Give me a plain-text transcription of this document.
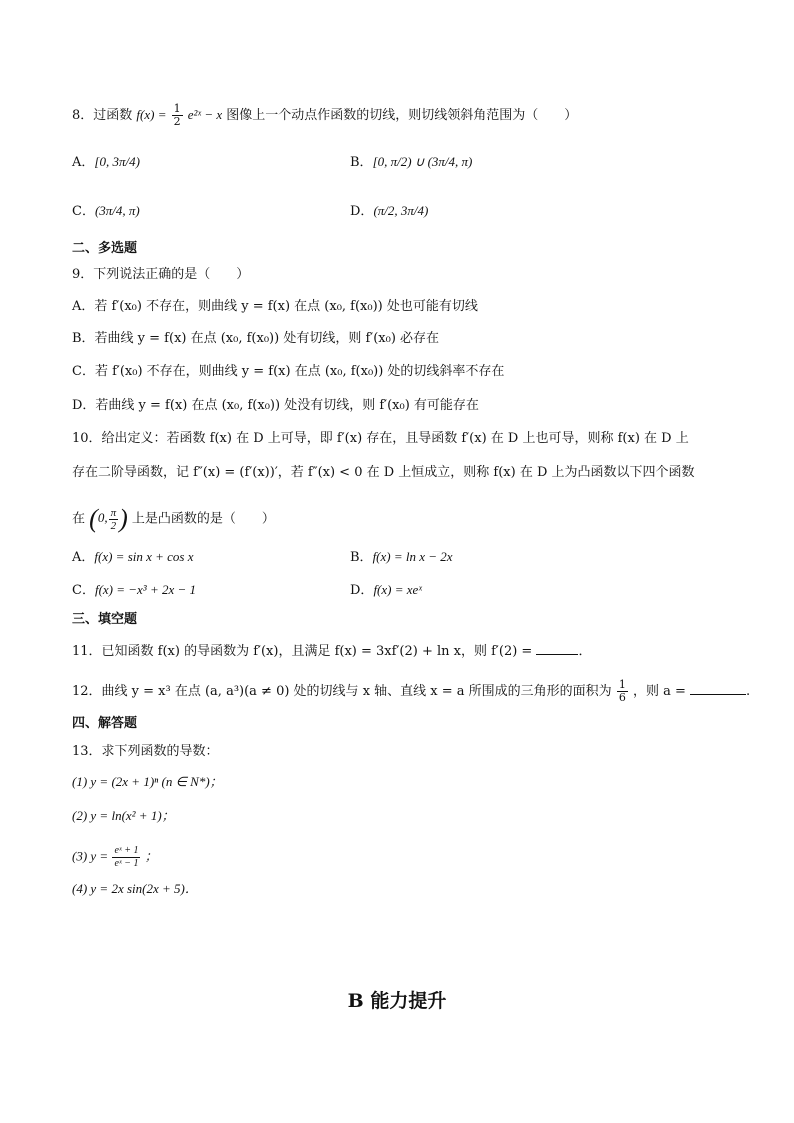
8．过函数 $f(x) = \frac{1}{2}$ e²ˣ − x 图像上一个动点作函数的切线，则切线领斜角范围为（　　）
A．[0, 3π/4)	B．[0, π/2) ∪ (3π/4, π)
C．(3π/4, π)	D．(π/2, 3π/4)
二、多选题
9．下列说法正确的是（　　）
A．若 f′(x₀) 不存在，则曲线 y = f(x) 在点 (x₀, f(x₀)) 处也可能有切线
B．若曲线 y = f(x) 在点 (x₀, f(x₀)) 处有切线，则 f′(x₀) 必存在
C．若 f′(x₀) 不存在，则曲线 y = f(x) 在点 (x₀, f(x₀)) 处的切线斜率不存在
D．若曲线 y = f(x) 在点 (x₀, f(x₀)) 处没有切线，则 f′(x₀) 有可能存在
10．给出定义：若函数 f(x) 在 D 上可导，即 f′(x) 存在，且导函数 f′(x) 在 D 上也可导，则称 f(x) 在 D 上
存在二阶导函数，记 f″(x) = (f′(x))′，若 f″(x) < 0 在 D 上恒成立，则称 f(x) 在 D 上为凸函数以下四个函数
在 (0, $\frac{\pi}{2}$ ) 上是凸函数的是（　　）
A．f(x) = sin x + cos x	B．f(x) = ln x − 2x
C．f(x) = −x³ + 2x − 1	D．f(x) = xeˣ
三、填空题
11．已知函数 f(x) 的导函数为 f′(x)，且满足 f(x) = 3xf′(2) + ln x，则 f′(2) =	．
12．曲线 y = x³ 在点 (a, a³)(a ≠ 0) 处的切线与 x 轴、直线 x = a 所围成的三角形的面积为 $\frac{1}{6}$ ，则 a =	.
四、解答题
13．求下列函数的导数：
(1) y = (2x + 1)ⁿ (n ∈ N*)；
(2) y = ln(x² + 1)；
(3) $y = \frac{\text{eˣ + 1}}{\text{eˣ − 1}}$ ；
(4) y = 2x sin(2x + 5)．
B 能力提升
